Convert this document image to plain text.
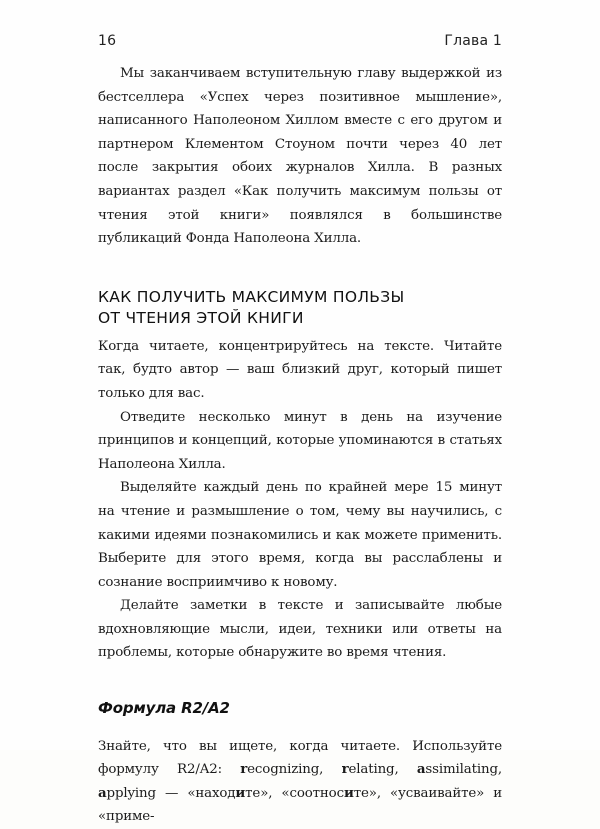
16	Глава 1

Мы заканчиваем вступительную главу выдержкой из бестселлера «Успех через позитивное мышление», написанного Наполеоном Хиллом вместе с его другом и партнером Клементом Стоуном почти через 40 лет после закрытия обоих журналов Хилла. В разных вариантах раздел «Как получить максимум пользы от чтения этой книги» появлялся в большинстве публикаций Фонда Наполеона Хилла.

КАК ПОЛУЧИТЬ МАКСИМУМ ПОЛЬЗЫ
ОТ ЧТЕНИЯ ЭТОЙ КНИГИ

Когда читаете, концентрируйтесь на тексте. Читайте так, будто автор — ваш близкий друг, который пишет только для вас.

Отведите несколько минут в день на изучение принципов и концепций, которые упоминаются в статьях Наполеона Хилла.

Выделяйте каждый день по крайней мере 15 минут на чтение и размышление о том, чему вы научились, с какими идеями познакомились и как можете применить. Выберите для этого время, когда вы расслаблены и сознание восприимчиво к новому.

Делайте заметки в тексте и записывайте любые вдохновляющие мысли, идеи, техники или ответы на проблемы, которые обнаружите во время чтения.

Формула R2/A2

Знайте, что вы ищете, когда читаете. Используйте формулу R2/A2: recognizing, relating, assimilating, applying — «находите», «соотносите», «усваивайте» и «приме-
